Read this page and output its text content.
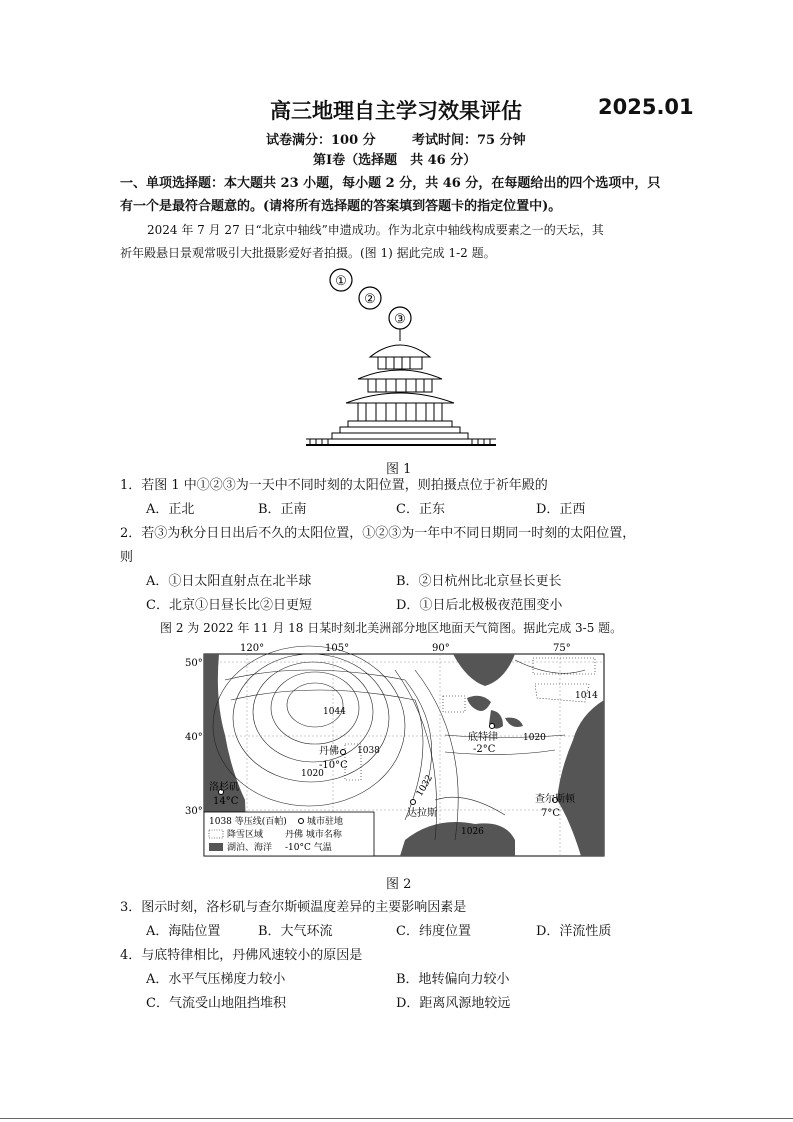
高三地理自主学习效果评估	2025.01
试卷满分：100 分	考试时间：75 分钟
第Ⅰ卷（选择题　共 46 分）
一、单项选择题：本大题共 23 小题，每小题 2 分，共 46 分，在每题给出的四个选项中，只
有一个是最符合题意的。(请将所有选择题的答案填到答题卡的指定位置中)。
2024 年 7 月 27 日“北京中轴线”申遗成功。作为北京中轴线构成要素之一的天坛，其
祈年殿悬日景观常吸引大批摄影爱好者拍摄。(图 1) 据此完成 1-2 题。
①
②
③
图 1
1．若图 1 中①②③为一天中不同时刻的太阳位置，则拍摄点位于祈年殿的
A．正北	B．正南	C．正东	D．正西
2．若③为秋分日日出后不久的太阳位置，①②③为一年中不同日期同一时刻的太阳位置，
则
A．①日太阳直射点在北半球	B．②日杭州比北京昼长更长
C．北京①日昼长比②日更短	D．①日后北极极夜范围变小
图 2 为 2022 年 11 月 18 日某时刻北美洲部分地区地面天气简图。据此完成 3-5 题。
120°	105°	90°	75°
50°
40°
30°
1044
1038
1032
1020
1020
1026
1014
洛杉矶
14°C
丹佛
-10°C
底特律
-2°C
达拉斯
查尔斯顿
7°C
1038 等压线(百帕) 城市驻地
降雪区域 丹佛 城市名称
湖泊、海洋 -10°C 气温
图 2
3．图示时刻，洛杉矶与查尔斯顿温度差异的主要影响因素是
A．海陆位置	B．大气环流	C．纬度位置	D．洋流性质
4．与底特律相比，丹佛风速较小的原因是
A．水平气压梯度力较小	B．地转偏向力较小
C．气流受山地阻挡堆积	D．距离风源地较远
